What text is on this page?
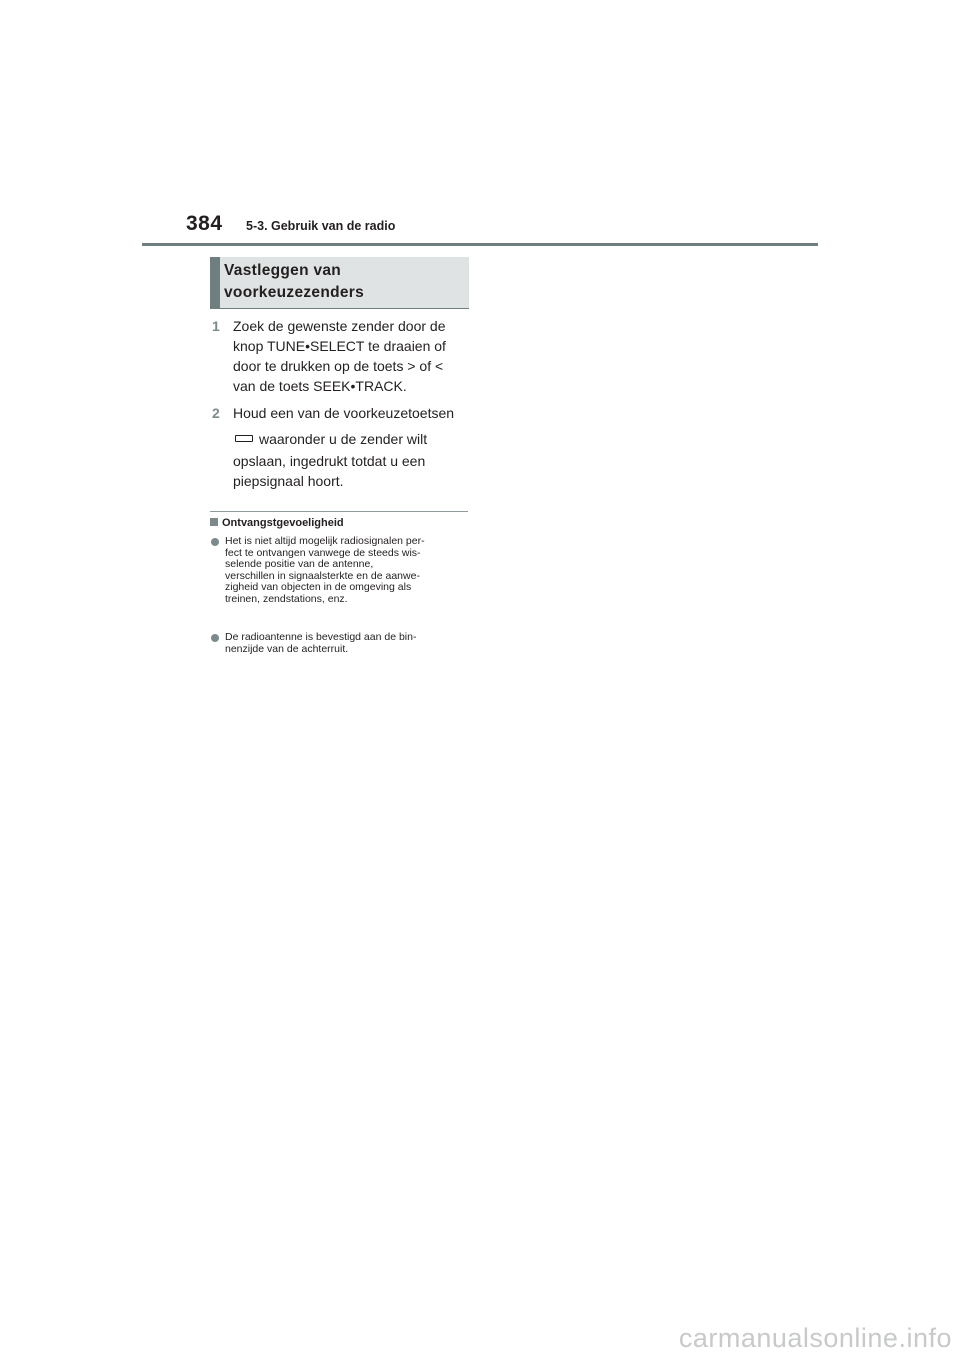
384 5-3. Gebruik van de radio
Vastleggen van
voorkeuzezenders
1 Zoek de gewenste zender door de
knop TUNE•SELECT te draaien of
door te drukken op de toets > of <
van de toets SEEK•TRACK.
2 Houd een van de voorkeuzetoetsen
waaronder u de zender wilt
opslaan, ingedrukt totdat u een
piepsignaal hoort.
Ontvangstgevoeligheid
Het is niet altijd mogelijk radiosignalen per-
fect te ontvangen vanwege de steeds wis-
selende positie van de antenne,
verschillen in signaalsterkte en de aanwe-
zigheid van objecten in de omgeving als
treinen, zendstations, enz.
De radioantenne is bevestigd aan de bin-
nenzijde van de achterruit.
carmanualsonline.info
